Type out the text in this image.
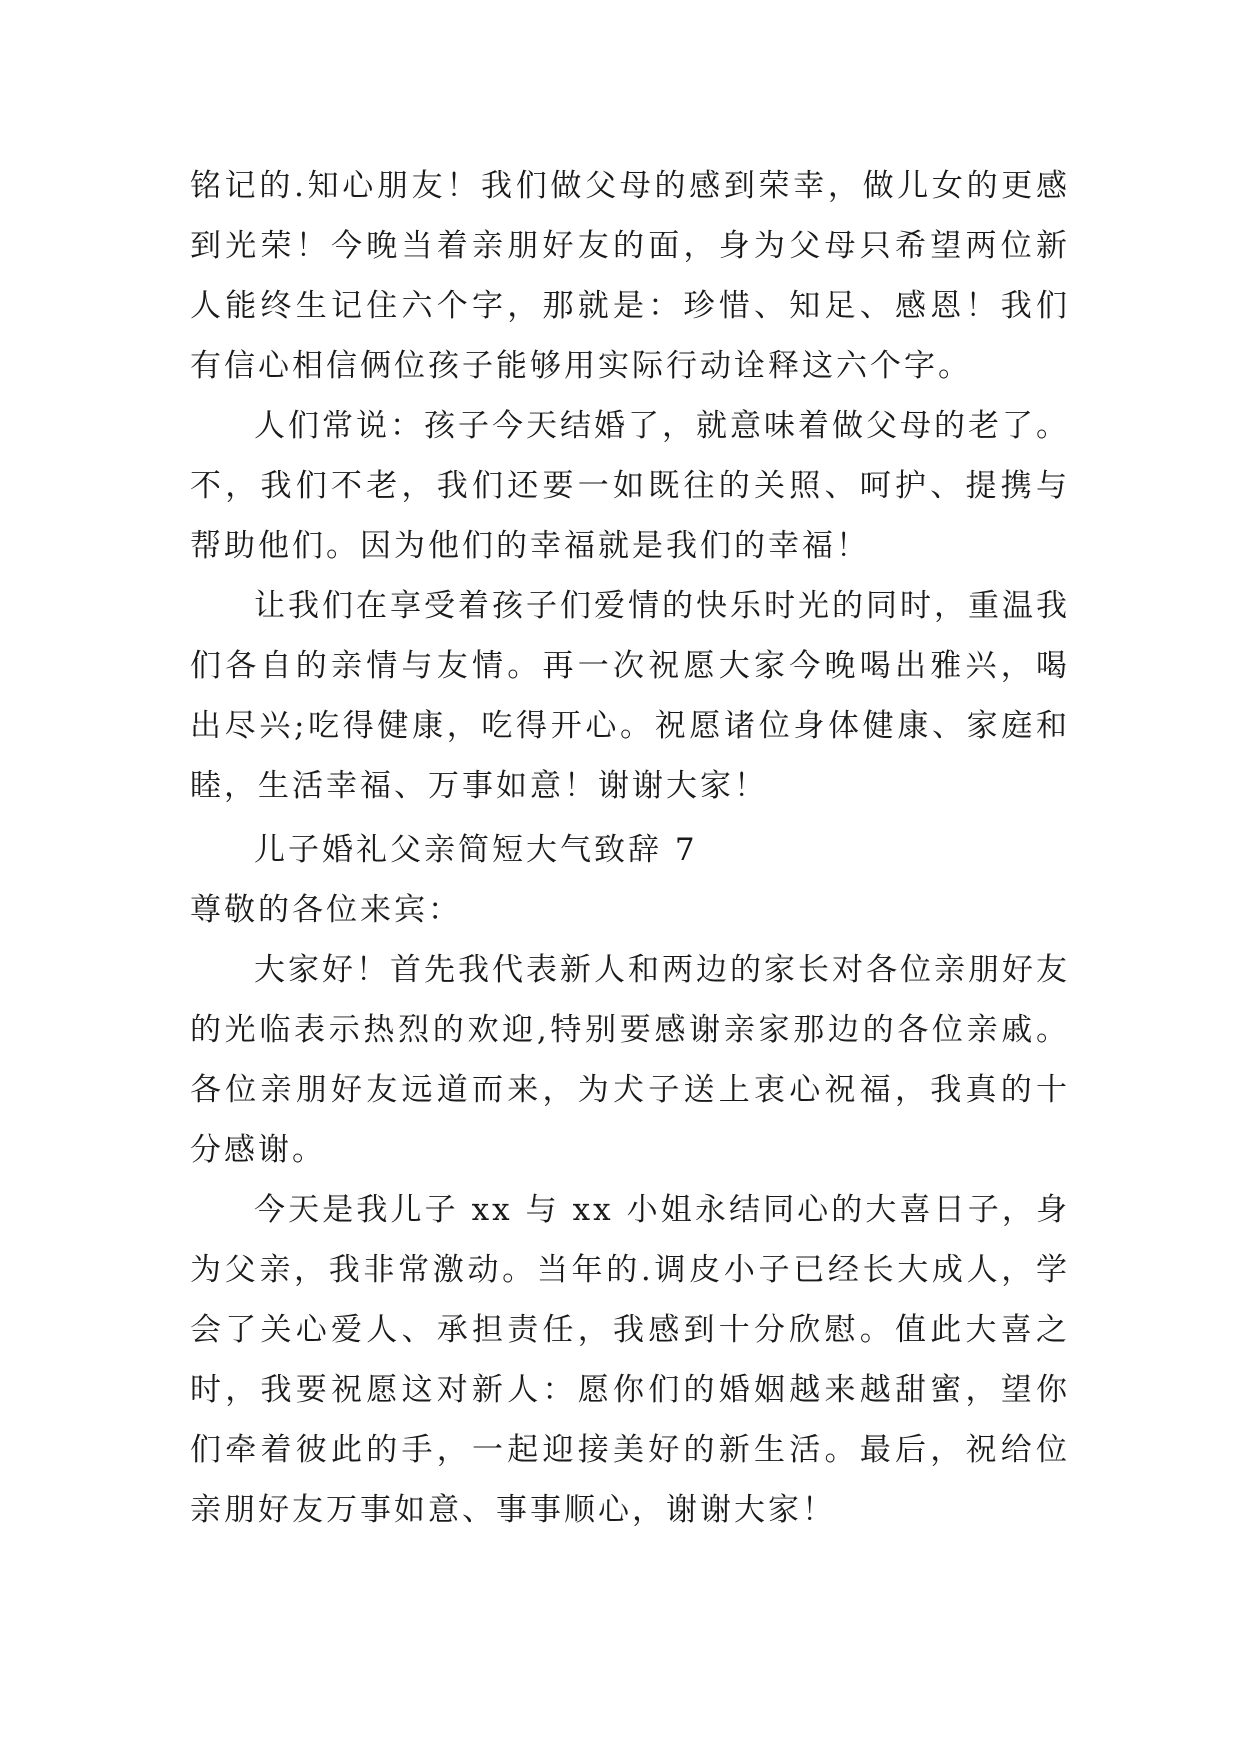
铭记的.知心朋友！我们做父母的感到荣幸，做儿女的更感到光荣！今晚当着亲朋好友的面，身为父母只希望两位新人能终生记住六个字，那就是：珍惜、知足、感恩！我们有信心相信俩位孩子能够用实际行动诠释这六个字。

人们常说：孩子今天结婚了，就意味着做父母的老了。不，我们不老，我们还要一如既往的关照、呵护、提携与帮助他们。因为他们的幸福就是我们的幸福！

让我们在享受着孩子们爱情的快乐时光的同时，重温我们各自的亲情与友情。再一次祝愿大家今晚喝出雅兴，喝出尽兴;吃得健康，吃得开心。祝愿诸位身体健康、家庭和睦，生活幸福、万事如意！谢谢大家！

儿子婚礼父亲简短大气致辞 7

尊敬的各位来宾：

大家好！首先我代表新人和两边的家长对各位亲朋好友的光临表示热烈的欢迎,特别要感谢亲家那边的各位亲戚。各位亲朋好友远道而来，为犬子送上衷心祝福，我真的十分感谢。

今天是我儿子 xx 与 xx 小姐永结同心的大喜日子，身为父亲，我非常激动。当年的.调皮小子已经长大成人，学会了关心爱人、承担责任，我感到十分欣慰。值此大喜之时，我要祝愿这对新人：愿你们的婚姻越来越甜蜜，望你们牵着彼此的手，一起迎接美好的新生活。最后，祝给位亲朋好友万事如意、事事顺心，谢谢大家！
